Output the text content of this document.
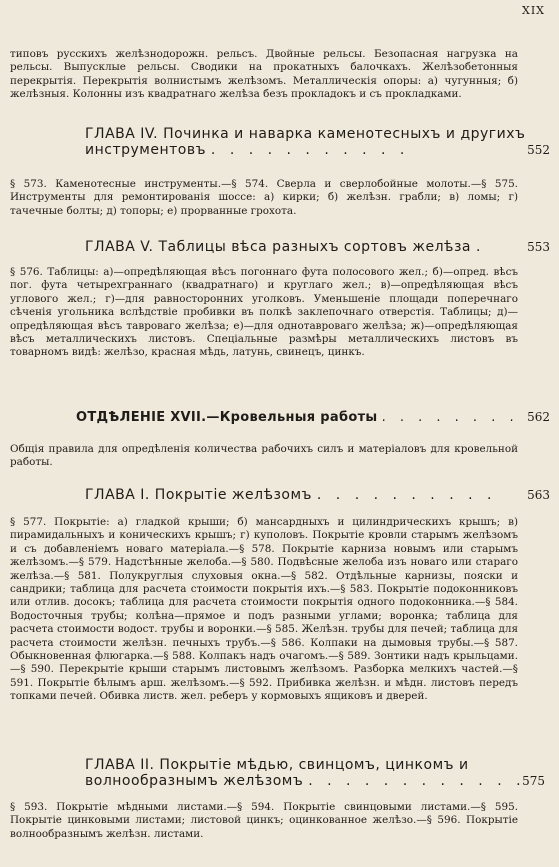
XIX
типовъ русскихъ желѣзнодорожн. рельсъ. Двойные рельсы. Безопасная нагрузка на рельсы. Выпусклые рельсы. Сводики на прокатныхъ балочкахъ. Желѣзобетонныя перекрытія. Перекрытія волнистымъ желѣзомъ. Металлическія опоры: а) чугунныя; б) желѣзныя. Колонны изъ квадратнаго желѣза безъ прокладокъ и съ прокладками.
ГЛАВА IV. Починка и наварка каменотесныхъ и другихъ инструментовъ . . . . . . . . . . .	552
§ 573. Каменотесные инструменты.—§ 574. Сверла и сверлобойные молоты.—§ 575. Инструменты для ремонтированія шоссе: а) кирки; б) желѣзн. грабли; в) ломы; г) тачечные болты; д) топоры; е) прорванные грохота.
ГЛАВА V. Таблицы вѣса разныхъ сортовъ желѣза .	553
§ 576. Таблицы: а)—опредѣляющая вѣсъ погоннаго фута полосового жел.; б)—опред. вѣсъ пог. фута четырехграннаго (квадратнаго) и круглаго жел.; в)—опредѣляющая вѣсъ углового жел.; г)—для равносторонних уголковъ. Уменьшеніе площади поперечнаго сѣченія угольника вслѣдствіе пробивки въ полкѣ заклепочнаго отверстія. Таблицы; д)—опредѣляющая вѣсъ тавроваго желѣза; е)—для однотавроваго желѣза; ж)—опредѣляющая вѣсъ металлическихъ листовъ. Спеціальные размѣры металлическихъ листовъ въ товарномъ видѣ: желѣзо, красная мѣдь, латунь, свинецъ, цинкъ.
ОТДѢЛЕНІЕ XVII.—Кровельныя работы . . . . . . . . 562
Общія правила для опредѣленія количества рабочихъ силъ и матеріаловъ для кровельной работы.
ГЛАВА I. Покрытіе желѣзомъ . . . . . . . . . .	563
§ 577. Покрытіе: а) гладкой крыши; б) мансардныхъ и цилиндрическихъ крышъ; в) пирамидальныхъ и коническихъ крышъ; г) куполовъ. Покрытіе кровли старымъ желѣзомъ и съ добавленіемъ новаго матеріала.—§ 578. Покрытіе карниза новымъ или старымъ желѣзомъ.—§ 579. Надстѣнные желоба.—§ 580. Подвѣсные желоба изъ новаго или стараго желѣза.—§ 581. Полукруглыя слуховыя окна.—§ 582. Отдѣльные карнизы, пояски и сандрики; таблица для расчета стоимости покрытія ихъ.—§ 583. Покрытіе подоконниковъ или отлив. досокъ; таблица для расчета стоимости покрытія одного подоконника.—§ 584. Водосточныя трубы; колѣна—прямое и подъ разными углами; воронка; таблица для расчета стоимости водост. трубы и воронки.—§ 585. Желѣзн. трубы для печей; таблица для расчета стоимости желѣзн. печныхъ трубъ.—§ 586. Колпаки на дымовыя трубы.—§ 587. Обыкновенная флюгарка.—§ 588. Колпакъ надъ очагомъ.—§ 589. Зонтики надъ крыльцами.—§ 590. Перекрытіе крыши старымъ листовымъ желѣзомъ. Разборка мелкихъ частей.—§ 591. Покрытіе бѣлымъ арш. желѣзомъ.—§ 592. Прибивка желѣзн. и мѣдн. листовъ передъ топками печей. Обивка листв. жел. реберъ у кормовыхъ ящиковъ и дверей.
ГЛАВА II. Покрытіе мѣдью, свинцомъ, цинкомъ и волнообразнымъ желѣзомъ . . . . . . . . . . . .
575
§ 593. Покрытіе мѣдными листами.—§ 594. Покрытіе свинцовыми листами.—§ 595. Покрытіе цинковыми листами; листовой цинкъ; оцинкованное желѣзо.—§ 596. Покрытіе волнообразнымъ желѣзн. листами.
